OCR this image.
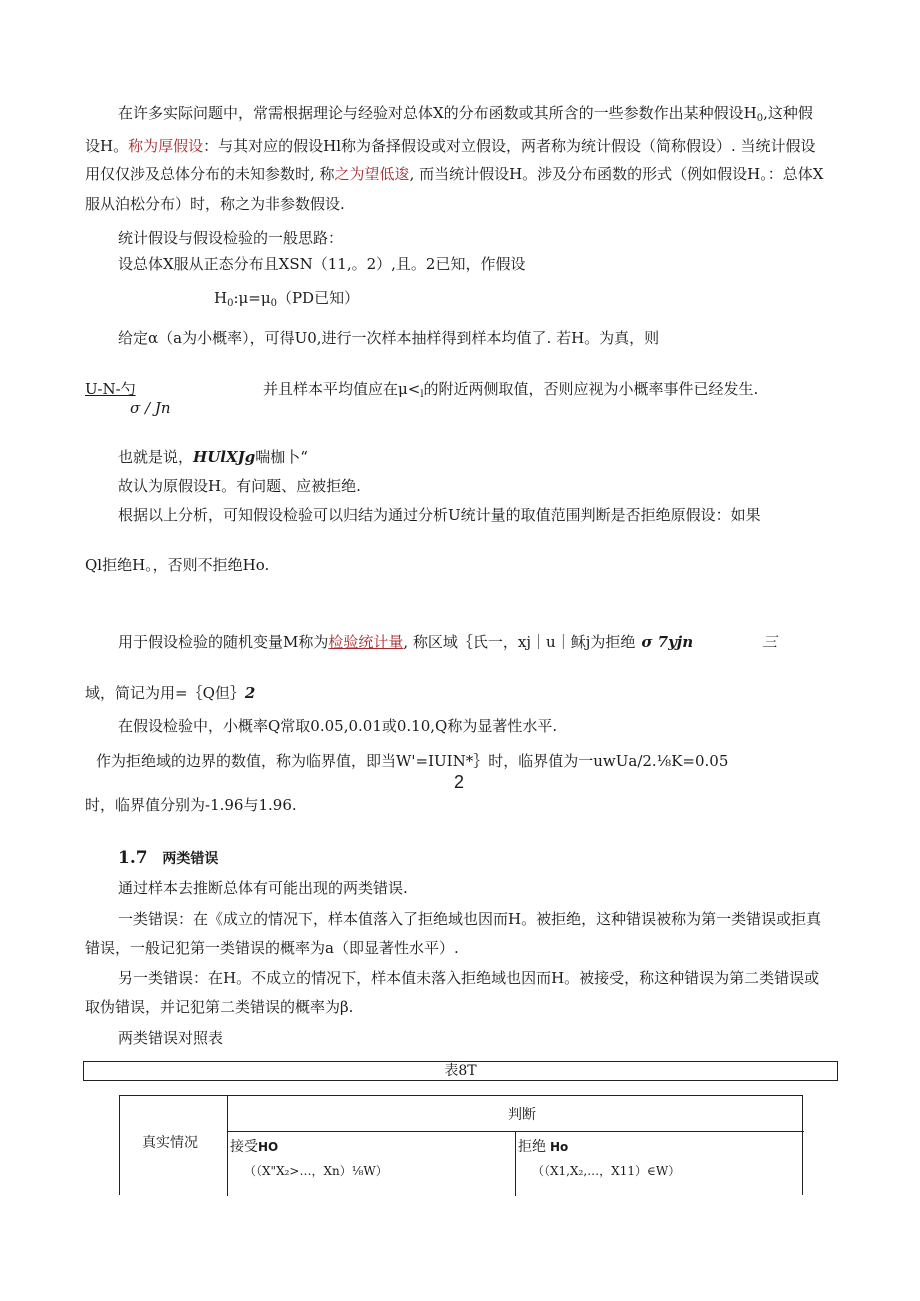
在许多实际问题中，常需根据理论与经验对总体X的分布函数或其所含的一些参数作出某种假设$H_0$,这种假
设H。称为厚假设：与其对应的假设Hl称为备择假设或对立假设，两者称为统计假设（简称假设）. 当统计假设
用仅仅涉及总体分布的未知参数时, 称之为望低逡, 而当统计假设H。涉及分布函数的形式（例如假设H。：总体X
服从泊松分布）时，称之为非参数假设.
统计假设与假设检验的一般思路：
设总体X服从正态分布且XSN（11,。2）,且。2已知，作假设
$H_0:\mu=\mu_0(PD$已知）
给定α（a为小概率），可得U0,进行一次样本抽样得到样本均值了. 若H。为真，则
U-N-勺
σ / Jn
并且样本平均值应在$\mu<_l$的附近两侧取值，否则应视为小概率事件已经发生.
也就是说，HUlXJg喘枷卜“
故认为原假设H。有问题、应被拒绝.
根据以上分析，可知假设检验可以归结为通过分析U统计量的取值范围判断是否拒绝原假设：如果
Ql拒绝H。，否则不拒绝Ho.
用于假设检验的随机变量M称为检验统计量, 称区域｛氏一，xj｜u｜稣j为拒绝 σ 7yjn	三
域，简记为用=｛Q但｝2
在假设检验中，小概率Q常取0.05,0.01或0.10,Q称为显著性水平.
作为拒绝域的边界的数值，称为临界值，即当W'=IUIN*｝时，临界值为一uwUa∕2.⅛K=0.05
2
时，临界值分别为-1.96与1.96.
1.7 两类错误
通过样本去推断总体有可能出现的两类错误.
一类错误：在《成立的情况下，样本值落入了拒绝域也因而H。被拒绝，这种错误被称为第一类错误或拒真
错误，一般记犯第一类错误的概率为a（即显著性水平）.
另一类错误：在H。不成立的情况下，样本值未落入拒绝域也因而H。被接受，称这种错误为第二类错误或
取伪错误，并记犯第二类错误的概率为β.
两类错误对照表
表8T
判断
真实情况 接受HO
（（X"X₂>…，Xn）⅛W）
拒绝 Ho
（（X1,X₂,…，X11）∈W）
